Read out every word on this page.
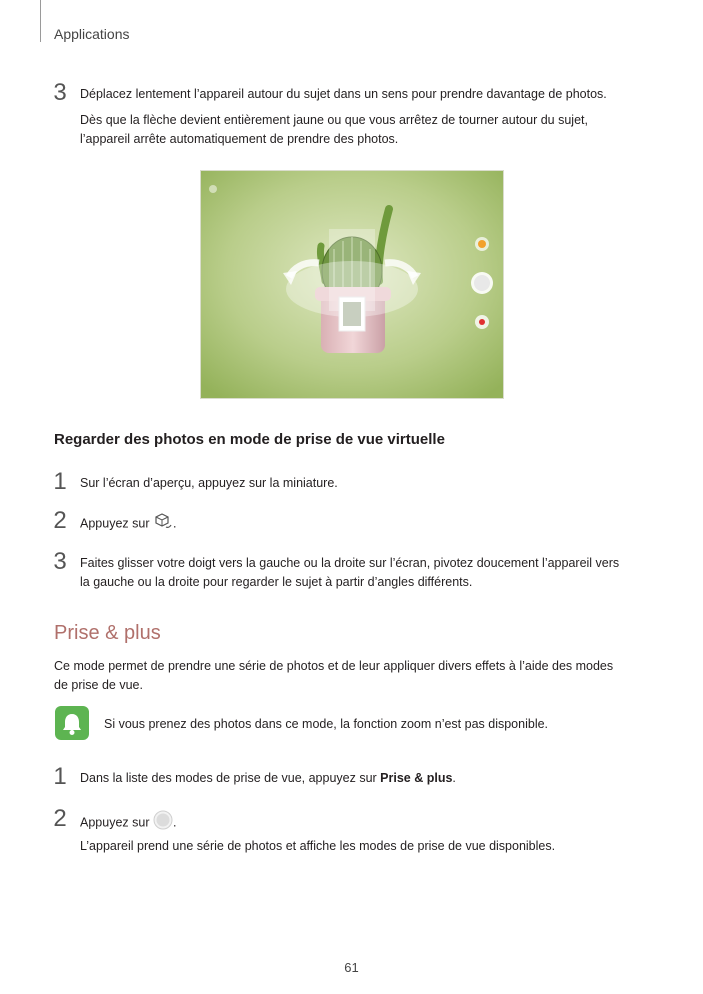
Applications
3 Déplacez lentement l’appareil autour du sujet dans un sens pour prendre davantage de photos.
Dès que la flèche devient entièrement jaune ou que vous arrêtez de tourner autour du sujet,
l’appareil arrête automatiquement de prendre des photos.
Regarder des photos en mode de prise de vue virtuelle
1 Sur l’écran d’aperçu, appuyez sur la miniature.
2 Appuyez sur .
3 Faites glisser votre doigt vers la gauche ou la droite sur l’écran, pivotez doucement l’appareil vers
la gauche ou la droite pour regarder le sujet à partir d’angles différents.
Prise & plus
Ce mode permet de prendre une série de photos et de leur appliquer divers effets à l’aide des modes
de prise de vue.
Si vous prenez des photos dans ce mode, la fonction zoom n’est pas disponible.
1 Dans la liste des modes de prise de vue, appuyez sur Prise & plus.
2 Appuyez sur .
L’appareil prend une série de photos et affiche les modes de prise de vue disponibles.
61
